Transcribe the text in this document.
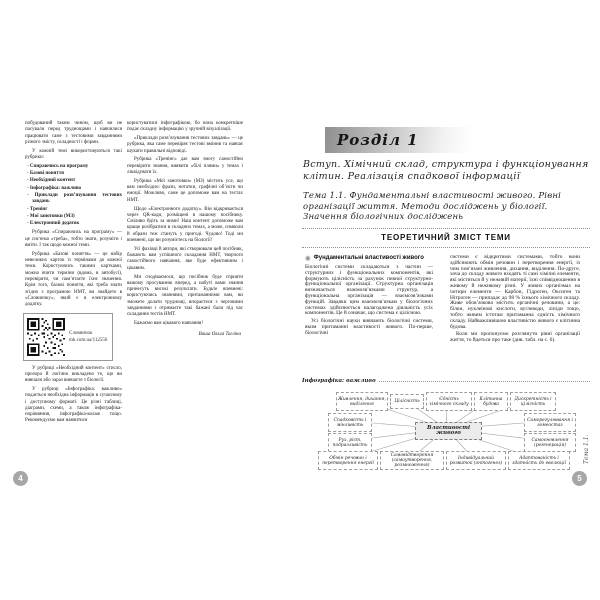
побудований таким чином, щоб ви не пасували перед труднощами і навчилися працювати саме з тестовими завданнями різного змісту, складності і форми.

У кожній темі використовуються такі рубрики:

- Спираючись на програму
- Базові поняття
- Необхідний контент
- Інфографіка: важливо
- Приклади розв’язування тестових завдань
- Тренінг
- Мої занотовки (МЗ)
- Електронний додаток

Рубрика «Спираючись на програму» — це система «треба», тобто знати, розуміти і вміти. І так щодо кожної теми.

Рубрика «Базові поняття» — це набір невеликих карток із термінами до кожної теми. Користуючись такими картками, можна вчити терміни (вдома, в автобусі), перевіряти, чи пам’ятаєте їхнє значення. Крім того, базові поняття, які треба знати згідно з програмою НМТ, ви знайдете в «Словничку», який є в електронному додатку.

Словничок
mk.com.ua/112556

У рубриці «Необхідний контент» стисло, прозоро й логічно викладено те, що ви вивчали або зараз вивчаєте з біології.

У рубриці «Інфографіка: важливо» подається необхідна інформація в сучасному і доступному форматі. Це різні таблиці, діаграми, схеми, а також інфографіка-порівняння, інфографіка-колаж тощо. Рекомендуємо вам навчитися

користуватися інфографікою, бо вона конкретніше подає складну інформацію у зручній візуалізації.

«Приклади розв’язування тестових завдань» — це рубрика, яка саме перевіряє тестові вміння та навчає шукати правильні відповіді.

Рубрика «Тренінг» дає вам змогу самостійно перевірити знання, виявити «білі плями» у темах і ліквідувати їх.

Рубрика «Мої занотовки» (МЗ) містить усе, що вам необхідно: фрази, нотатки, графічні об’єкти чи емоції. Можливо, саме це допоможе вам на тестах НМТ.

Щодо «Електронного додатку». Він відкривається через QR-коди, розміщені в нашому посібнику. Сміливо йдіть за ними! Наш контент допоможе вам краще розібратися в складних темах, а може, символи й образи теж стануть у пригоді. Чудово! Тоді ми впевнені, що ви розумієтесь на біології!

Усі фахівці й автори, які створювали цей посібник, бажають вам успішного складання НМТ, творчого самостійного навчання, яке буде ефективним і цікавим.

Ми сподіваємося, що посібник буде сприяти вашому просуванню вперед, а набуті вами знання принесуть високі результати. Будьте впевнені: користуючись знаннями, притаманними вам, ви зможете долати труднощі, впораєтеся з черговими завданнями і отримаєте такі бажані бали під час складання тестів НМТ.

Бажаємо вам цікавого навчання!

Ваша Ольга Тагліна
Розділ 1
Вступ. Хімічний склад, структура і функціонування клітин. Реалізація спадкової інформації
Тема 1.1. Фундаментальні властивості живого. Рівні організації життя. Методи досліджень у біології. Значення біологічних досліджень
ТЕОРЕТИЧНИЙ ЗМІСТ ТЕМИ
◉ Фундаментальні властивості живого

Біологічні системи складаються з частин — структурних і функціональних компонентів, які формують цілісність за рахунок певної структурно-функціональної організації. Структурна організація визначається взаємозв’язками структур, а функціональна організація — взаємозв’язками функцій. Завдяки цим взаємозв’язкам у біологічних системах здійснюється налагоджена діяльність усіх компонентів. Це й означає, що система є цілісною.

Усі біологічні науки вивчають біологічні системи, яким притаманні властивості живого. По-перше, біологічні

системи є відкритими системами, тобто вони здійснюють обмін речовин і перетворення енергії, із чим пов’язані живлення, дихання, виділення. По-друге, хоча до складу живого входять ті самі хімічні елементи, які містяться й у неживій матерії, їхні співвідношення в живому й неживому різні. У живих організмах на чотири елементи — Карбон, Гідроген, Оксиген та Нітроген — припадає до 98 % їхнього хімічного складу. Живе обов’язково містить органічні речовини, а це: білки, нуклеїнові кислоти, вуглеводи, ліпіди тощо, тобто живим істотам притаманна єдність хімічного складу. Найважливішою властивістю живого є клітинна будова.

Коли ми пропонуємо розглянути рівні організації життя, то йдеться про таке (див. табл. на с. 6).

Інфографіка: важливо
Живлення, дихання, виділення	Цілісність	Єдність хімічного складу
Клітинна будова
Дискретність і цілісність
Спадковість і мінливість
Рух, ріст, подразливість
Властивості живого
Саморегулювання і гомеостаз
Самооновлення (регенерація)
Обмін речовин і перетворення енергії
Самовідтворення (самоутворення, розмноження)
Індивідуальний розвиток (онтогенез)
Адаптованість і здатність до еволюції	Тема 1.1.
4	5
